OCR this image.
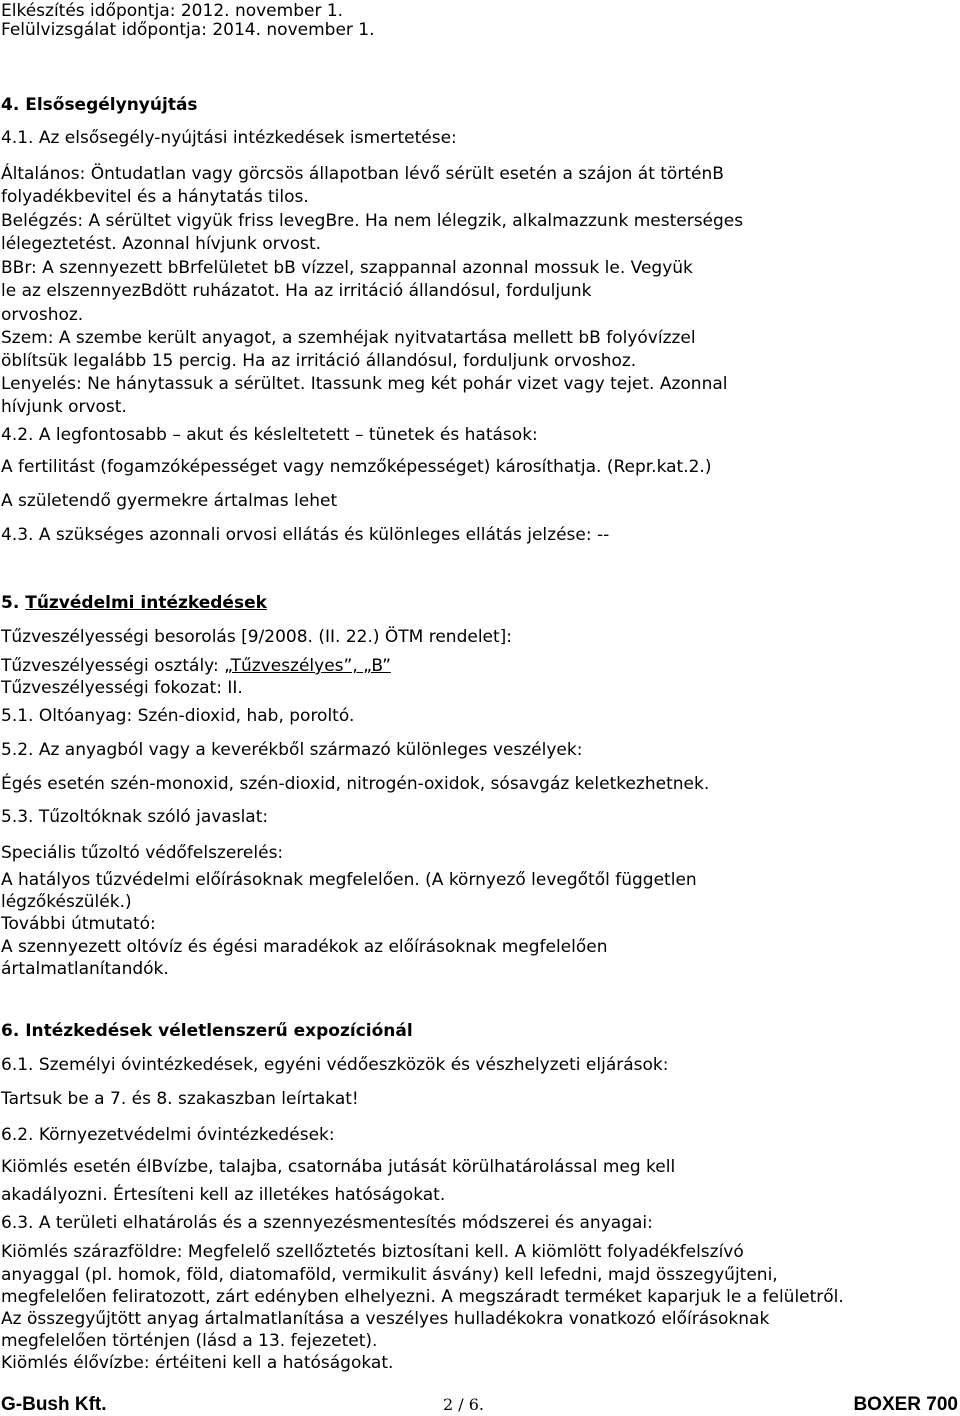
Elkészítés időpontja: 2012. november 1.
Felülvizsgálat időpontja: 2014. november 1.
4. Elsősegélynyújtás
4.1. Az elsősegély-nyújtási intézkedések ismertetése:
Általános: Öntudatlan vagy görcsös állapotban lévő sérült esetén a szájon át történB
folyadékbevitel és a hánytatás tilos.
Belégzés: A sérültet vigyük friss levegBre. Ha nem lélegzik, alkalmazzunk mesterséges
lélegeztetést. Azonnal hívjunk orvost.
BBr: A szennyezett bBrfelületet bB vízzel, szappannal azonnal mossuk le. Vegyük
le az elszennyezBdött ruházatot. Ha az irritáció állandósul, forduljunk
orvoshoz.
Szem: A szembe került anyagot, a szemhéjak nyitvatartása mellett bB folyóvízzel
öblítsük legalább 15 percig. Ha az irritáció állandósul, forduljunk orvoshoz.
Lenyelés: Ne hánytassuk a sérültet. Itassunk meg két pohár vizet vagy tejet. Azonnal
hívjunk orvost.
4.2. A legfontosabb – akut és késleltetett – tünetek és hatások:
A fertilitást (fogamzóképességet vagy nemzőképességet) károsíthatja. (Repr.kat.2.)
A születendő gyermekre ártalmas lehet
4.3. A szükséges azonnali orvosi ellátás és különleges ellátás jelzése: --
5. Tűzvédelmi intézkedések
Tűzveszélyességi besorolás [9/2008. (II. 22.) ÖTM rendelet]:
Tűzveszélyességi osztály: „Tűzveszélyes”, „B”
Tűzveszélyességi fokozat: II.
5.1. Oltóanyag: Szén-dioxid, hab, poroltó.
5.2. Az anyagból vagy a keverékből származó különleges veszélyek:
Égés esetén szén-monoxid, szén-dioxid, nitrogén-oxidok, sósavgáz keletkezhetnek.
5.3. Tűzoltóknak szóló javaslat:
Speciális tűzoltó védőfelszerelés:
A hatályos tűzvédelmi előírásoknak megfelelően. (A környező levegőtől független
légzőkészülék.)
További útmutató:
A szennyezett oltóvíz és égési maradékok az előírásoknak megfelelően
ártalmatlanítandók.
6. Intézkedések véletlenszerű expozíciónál
6.1. Személyi óvintézkedések, egyéni védőeszközök és vészhelyzeti eljárások:
Tartsuk be a 7. és 8. szakaszban leírtakat!
6.2. Környezetvédelmi óvintézkedések:
Kiömlés esetén élBvízbe, talajba, csatornába jutását körülhatárolással meg kell
akadályozni. Értesíteni kell az illetékes hatóságokat.
6.3. A területi elhatárolás és a szennyezésmentesítés módszerei és anyagai:
Kiömlés szárazföldre: Megfelelő szellőztetés biztosítani kell. A kiömlött folyadékfelszívó
anyaggal (pl. homok, föld, diatomaföld, vermikulit ásvány) kell lefedni, majd összegyűjteni,
megfelelően feliratozott, zárt edényben elhelyezni. A megszáradt terméket kaparjuk le a felületről.
Az összegyűjtött anyag ártalmatlanítása a veszélyes hulladékokra vonatkozó előírásoknak
megfelelően történjen (lásd a 13. fejezetet).
Kiömlés élővízbe: értéiteni kell a hatóságokat.
G-Bush Kft.	2 / 6.	BOXER 700
